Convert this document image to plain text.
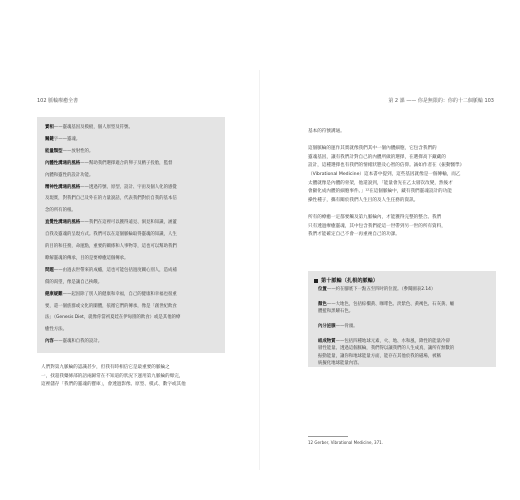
102 脈輪療癒全書
實相——靈魂基因及模板，個人原型及符號。
關鍵字——靈魂。
能量類型——放射性的。
內體性溝通的風格——幫助我們選擇適合的卵子及精子投胎，監督
內體和靈性的設計功能。
精神性溝通的風格——透過符號、原型、設計、宇宙及個人化的感覺
及現實，對我們自己及外在的力量說話，代表我們對於自我的基本信
念的所有的根。
直覺性溝通的風格——我們在這裡可以獲得遠見、洞見和知識，涵蓋
自我及靈魂的呈現方式。我們可以在這個脈輪取得靈魂的知識，人生
的目的和任務，命運點，重要的關係和人事物等，這也可以幫助我們
瞭解靈魂的傳承，目的是要療癒這個傳承。
問題——由過去世帶來的成癮，這也可能包括過度關心別人，造成補
償的渴望，像是讓自己挨餓。
健康疑難——起因除了別人的健康和幸福，自己的健康和幸福也很重
要，還一個族群或文化的團體，依循它們的傳承，像是「創世紀飲食
法」（Genesis Diet，就像你當初夏娃在伊甸園的飲食）或是其他的療
癒性方法。
內容——靈魂和自我的設計。
人們對第九脈輪的認識甚少，但我有時相信它是最重要的脈輪之
一，找超我藥條部的語兩歸常在不知道的狀況下運用第九脈輪的爆完，
這裡儲存「我們的靈魂的寶庫」，會透過影像、原型、模式、數字或其他
第 2 課 —— 你是無限的：你的十二個脈輪 103
基本的符號溝通。
這個脈輪的運作其實就像我們其中一個內體細胞，它包含我們的
靈魂基因，讓有我們計對自己的內體所做的選擇，在選擇高下藏藏的
設計，這種選擇也有我們的情緒狀態及心智的信仰。誠如作者在《振動醫學》
（Vibrational Medicine）這本書中提到，這些基因就像是一個傳輸，而乙
太體就像是內體的骨架，他還說到，「能量會先在乙太層次改變，然後才
會顯化成內體的細胞事件。」¹²在這個脈輪中，藏有我們靈魂設計的功能
操性種子，攜有關於我們人生目的及人生任務的資訊。
所有的療癒一定都要觸及第九脈輪內，才能獲得完整的整合。我們
只有透過療癒靈魂，其中包含我們從這一世帶到另一世的所有資料，
我們才能確定自己不會一再重複自己的功課。
第十脈輪（扎根的脈輪）
位置——約在腳底下一點五至四吋的位置。（參閱圖表2.14）
顏色——大地色，包括棕櫚黃、咖啡色、淡紫色、黃褐色、石灰黃、蠟
體藍和黑曜石色。
內分泌腺——骨頭。
組成物質——包括四種地球元素，火、地、水和風，降性的能量冷卻
層性能量。透過這個脈輪，我們得以讓我們的人生成真，讓所有無數的
振動能量，讓你和地球能量方面，能存在其他於我的磁場，被稱
統擬化地球能量內容。
12 Gerber, Vibrational Medicine, 371.
